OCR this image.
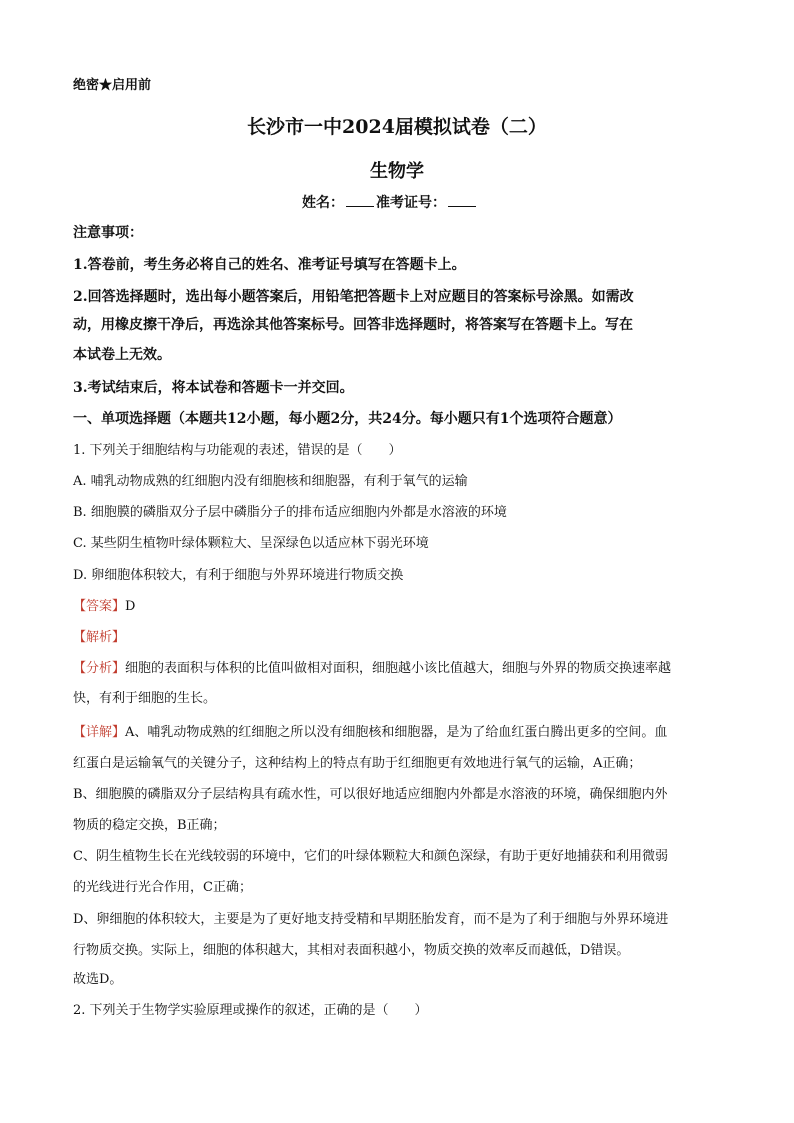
绝密★启用前
长沙市一中2024届模拟试卷（二）
生物学
姓名： 准考证号：
注意事项：
1.答卷前，考生务必将自己的姓名、准考证号填写在答题卡上。
2.回答选择题时，选出每小题答案后，用铅笔把答题卡上对应题目的答案标号涂黑。如需改
动，用橡皮擦干净后，再选涂其他答案标号。回答非选择题时，将答案写在答题卡上。写在
本试卷上无效。
3.考试结束后，将本试卷和答题卡一并交回。
一、单项选择题（本题共12小题，每小题2分，共24分。每小题只有1个选项符合题意）
1. 下列关于细胞结构与功能观的表述，错误的是（　　）
A. 哺乳动物成熟的红细胞内没有细胞核和细胞器，有利于氧气的运输
B. 细胞膜的磷脂双分子层中磷脂分子的排布适应细胞内外都是水溶液的环境
C. 某些阴生植物叶绿体颗粒大、呈深绿色以适应林下弱光环境
D. 卵细胞体积较大，有利于细胞与外界环境进行物质交换
【答案】D
【解析】
【分析】细胞的表面积与体积的比值叫做相对面积，细胞越小该比值越大，细胞与外界的物质交换速率越
快，有利于细胞的生长。
【详解】A、哺乳动物成熟的红细胞之所以没有细胞核和细胞器，是为了给血红蛋白腾出更多的空间。血
红蛋白是运输氧气的关键分子，这种结构上的特点有助于红细胞更有效地进行氧气的运输，A正确；
B、细胞膜的磷脂双分子层结构具有疏水性，可以很好地适应细胞内外都是水溶液的环境，确保细胞内外
物质的稳定交换，B正确；
C、阴生植物生长在光线较弱的环境中，它们的叶绿体颗粒大和颜色深绿，有助于更好地捕获和利用微弱
的光线进行光合作用，C正确；
D、卵细胞的体积较大，主要是为了更好地支持受精和早期胚胎发育，而不是为了利于细胞与外界环境进
行物质交换。实际上，细胞的体积越大，其相对表面积越小，物质交换的效率反而越低，D错误。
故选D。
2. 下列关于生物学实验原理或操作的叙述，正确的是（　　）
